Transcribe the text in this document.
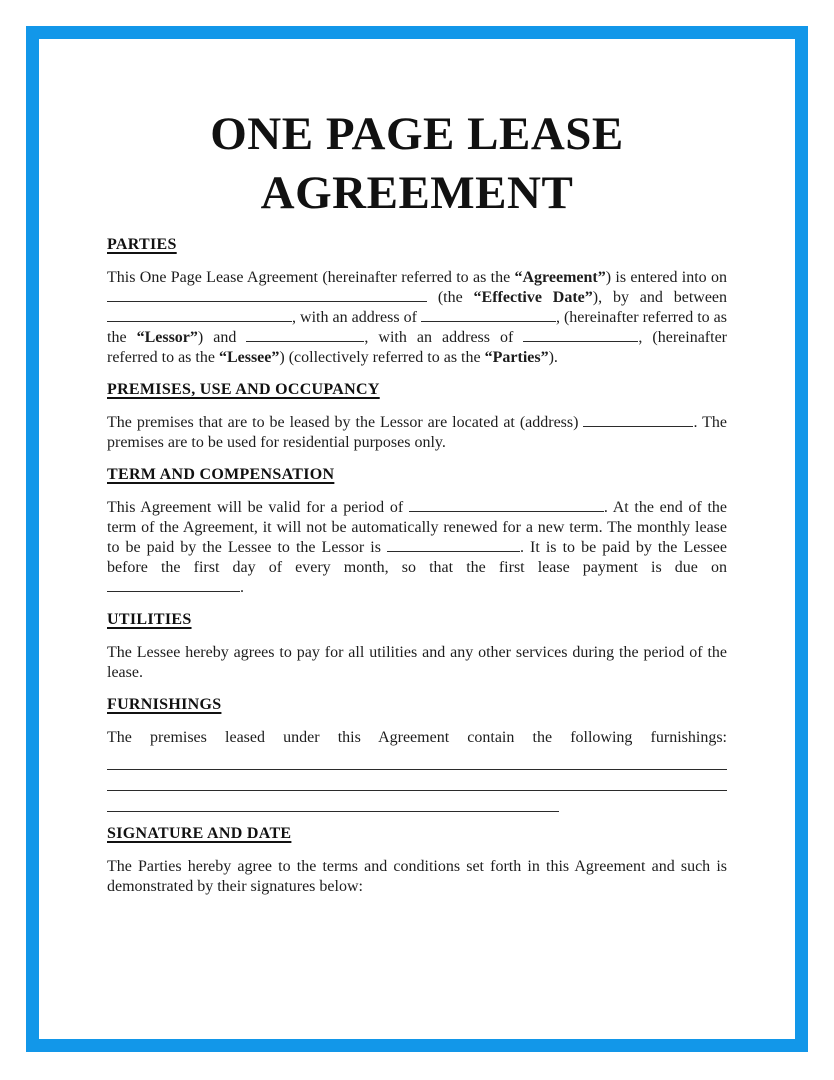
ONE PAGE LEASE AGREEMENT
PARTIES

This One Page Lease Agreement (hereinafter referred to as the “Agreement”) is entered into on  (the “Effective Date”), by and between , with an address of	, (hereinafter referred to as the “Lessor”) and	, with an address of	, (hereinafter referred to as the “Lessee”) (collectively referred to as the “Parties”).

PREMISES, USE AND OCCUPANCY

The premises that are to be leased by the Lessor are located at (address)	. The premises are to be used for residential purposes only.

TERM AND COMPENSATION

This Agreement will be valid for a period of	. At the end of the term of the Agreement, it will not be automatically renewed for a new term. The monthly lease to be paid by the Lessee to the Lessor is	. It is to be paid by the Lessee before the first day of every month, so that the first lease payment is due on .

UTILITIES

The Lessee hereby agrees to pay for all utilities and any other services during the period of the lease.

FURNISHINGS

The premises leased under this Agreement contain the following furnishings:

SIGNATURE AND DATE

The Parties hereby agree to the terms and conditions set forth in this Agreement and such is demonstrated by their signatures below:
